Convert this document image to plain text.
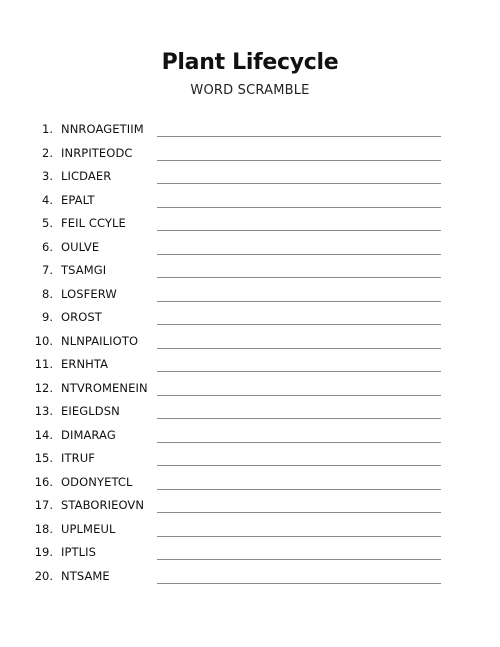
Plant Lifecycle
WORD SCRAMBLE
1. NNROAGETIIM
2. INRPITEODC
3. LICDAER
4. EPALT
5. FEIL CCYLE
6. OULVE
7. TSAMGI
8. LOSFERW
9. OROST
10. NLNPAILIOTO
11. ERNHTA
12. NTVROMENEIN
13. EIEGLDSN
14. DIMARAG
15. ITRUF
16. ODONYETCL
17. STABORIEOVN
18. UPLMEUL
19. IPTLIS
20. NTSAME
